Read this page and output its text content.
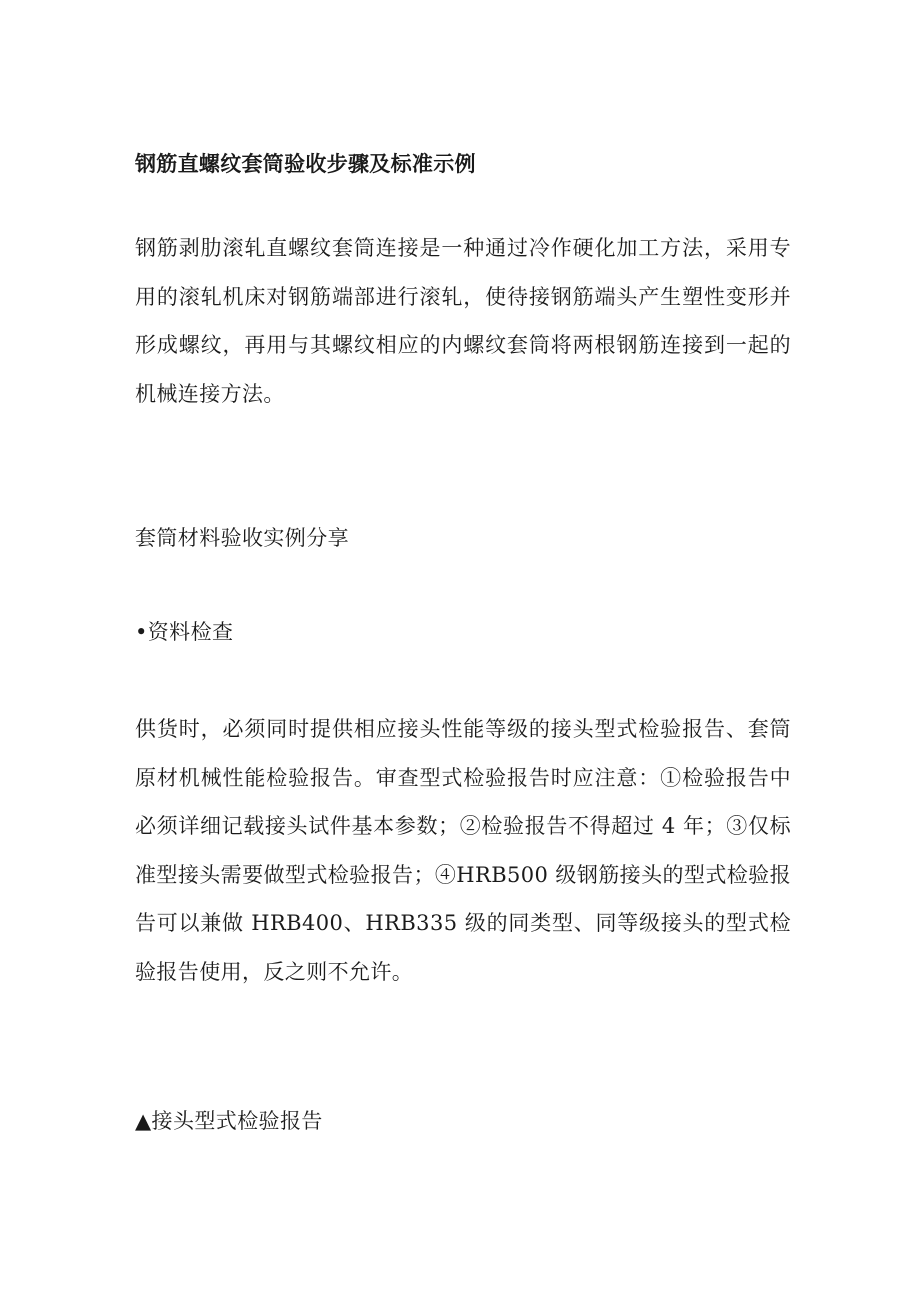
钢筋直螺纹套筒验收步骤及标准示例

钢筋剥肋滚轧直螺纹套筒连接是一种通过冷作硬化加工方法，采用专用的滚轧机床对钢筋端部进行滚轧，使待接钢筋端头产生塑性变形并形成螺纹，再用与其螺纹相应的内螺纹套筒将两根钢筋连接到一起的机械连接方法。

套筒材料验收实例分享
•资料检查

供货时，必须同时提供相应接头性能等级的接头型式检验报告、套筒原材机械性能检验报告。审查型式检验报告时应注意：①检验报告中必须详细记载接头试件基本参数；②检验报告不得超过 4 年；③仅标准型接头需要做型式检验报告；④HRB500 级钢筋接头的型式检验报告可以兼做 HRB400、HRB335 级的同类型、同等级接头的型式检验报告使用，反之则不允许。

▲接头型式检验报告
